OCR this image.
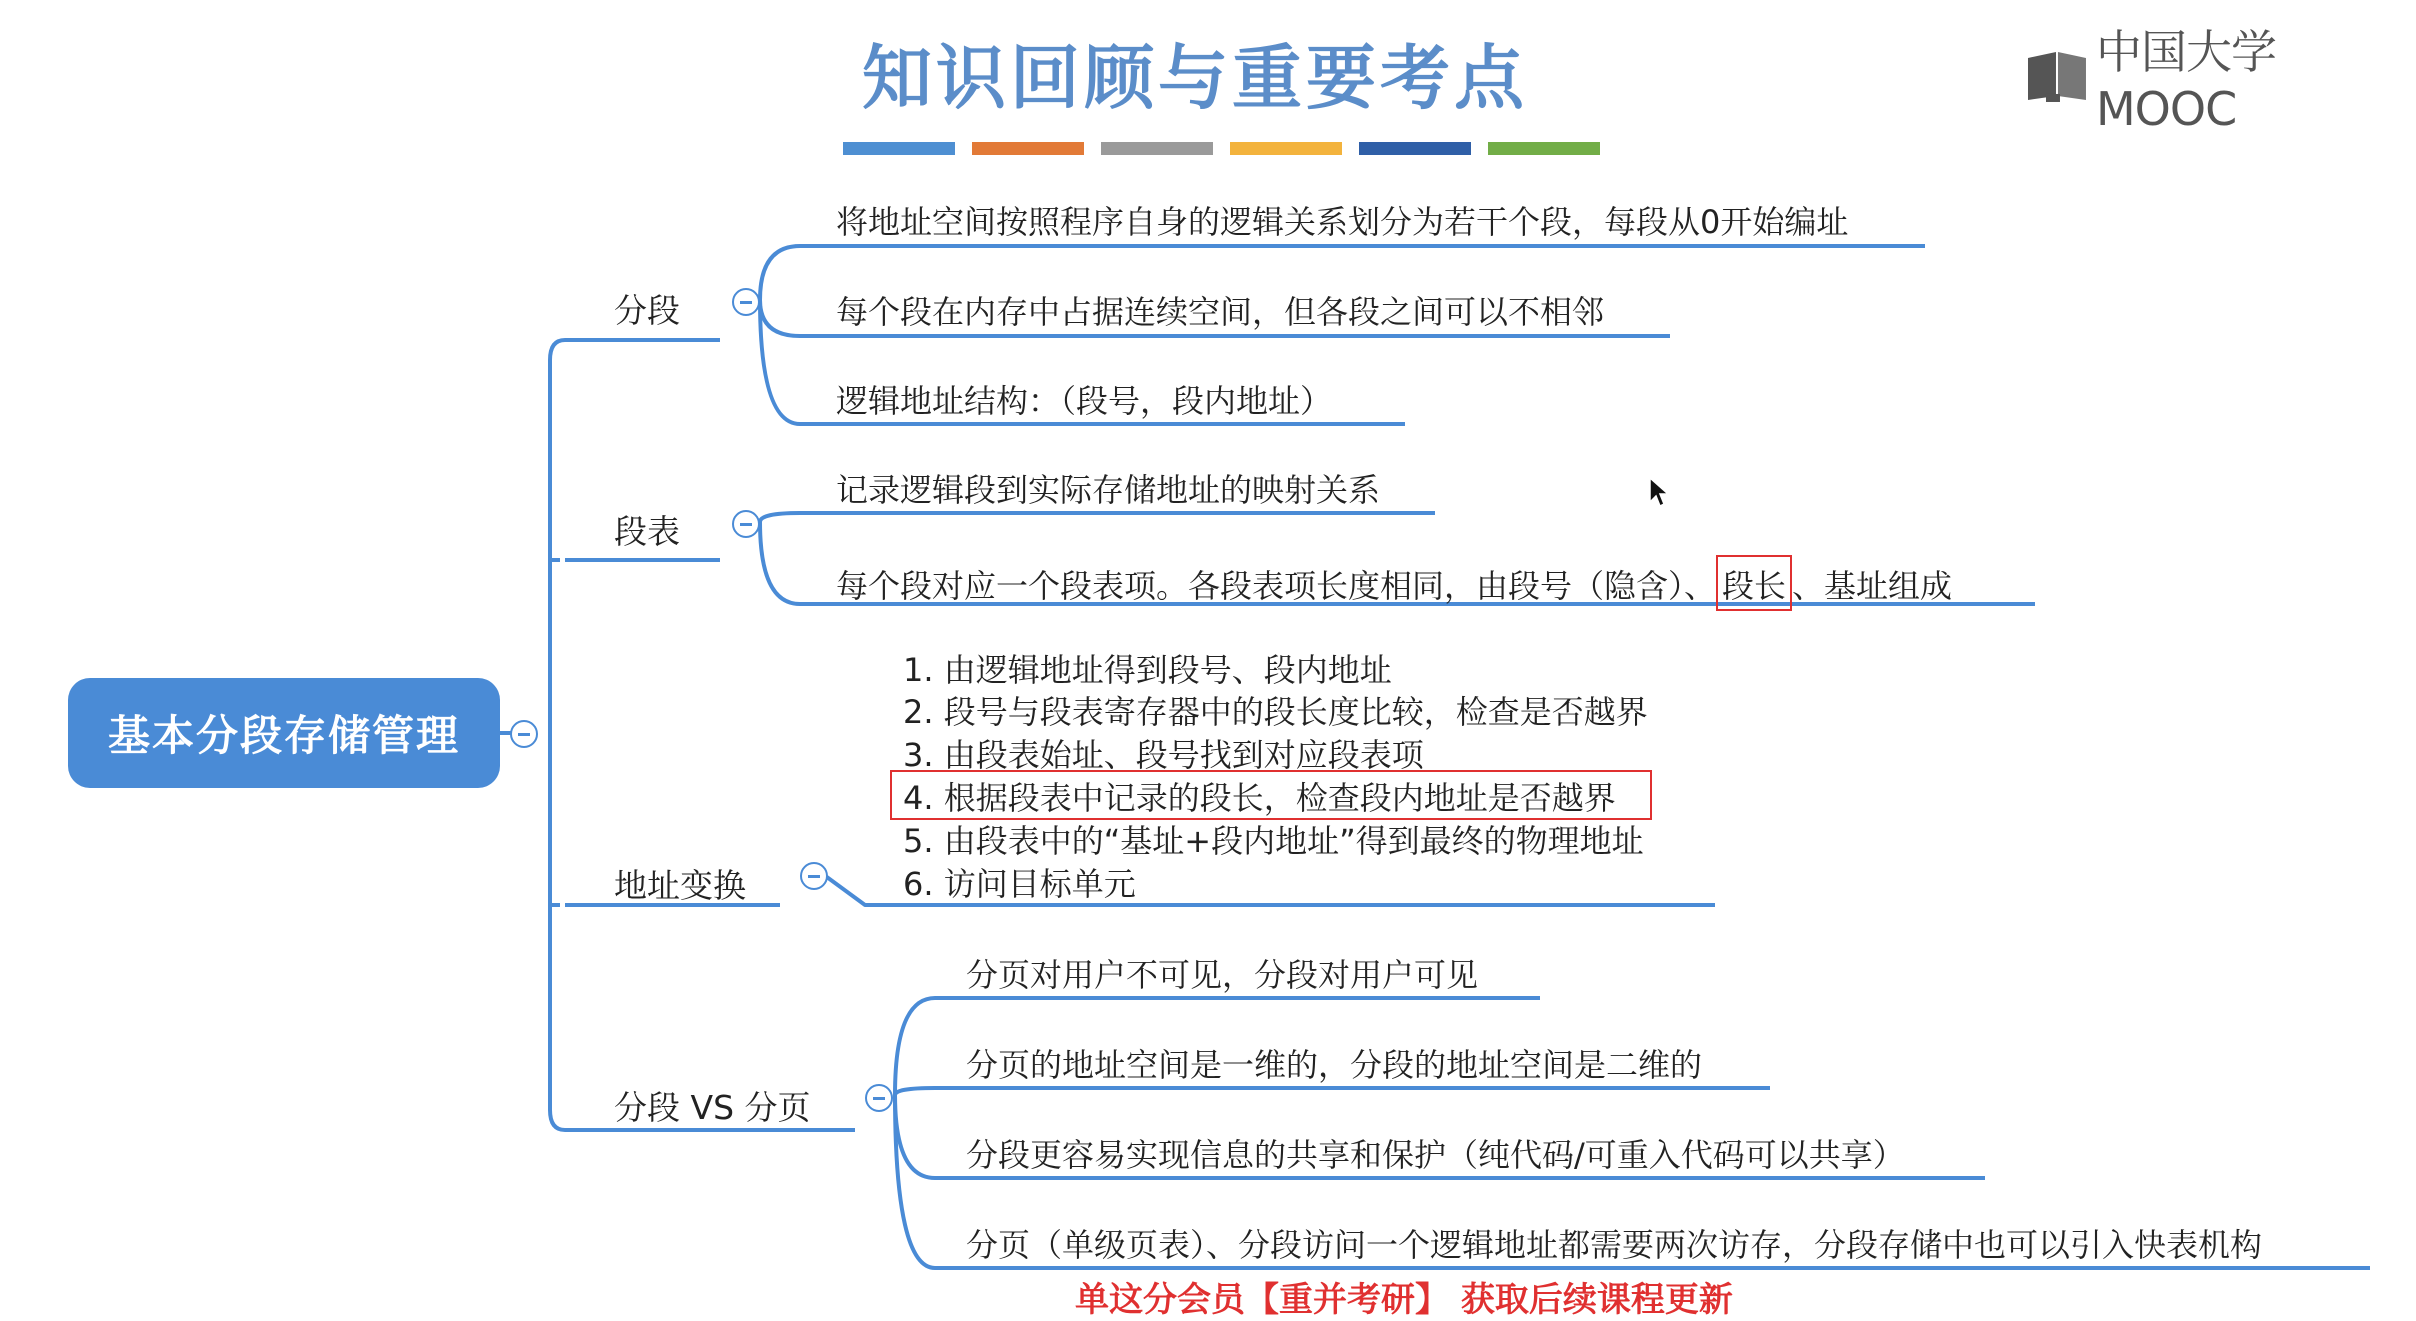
知识回顾与重要考点	中国大学MOOC
基本分段存储管理
分段
将地址空间按照程序自身的逻辑关系划分为若干个段，每段从0开始编址
每个段在内存中占据连续空间，但各段之间可以不相邻
逻辑地址结构：（段号，段内地址）
段表
记录逻辑段到实际存储地址的映射关系
每个段对应一个段表项。各段表项长度相同，由段号（隐含）、 段长 、基址组成
地址变换
1. 由逻辑地址得到段号、段内地址
2. 段号与段表寄存器中的段长度比较，检查是否越界
3. 由段表始址、段号找到对应段表项
4. 根据段表中记录的段长，检查段内地址是否越界
5. 由段表中的“基址+段内地址”得到最终的物理地址
6. 访问目标单元
分段 VS 分页
分页对用户不可见，分段对用户可见
分页的地址空间是一维的，分段的地址空间是二维的
分段更容易实现信息的共享和保护（纯代码/可重入代码可以共享）
分页（单级页表）、分段访问一个逻辑地址都需要两次访存，分段存储中也可以引入快表机构
单这分会员【重并考研】 获取后续课程更新
